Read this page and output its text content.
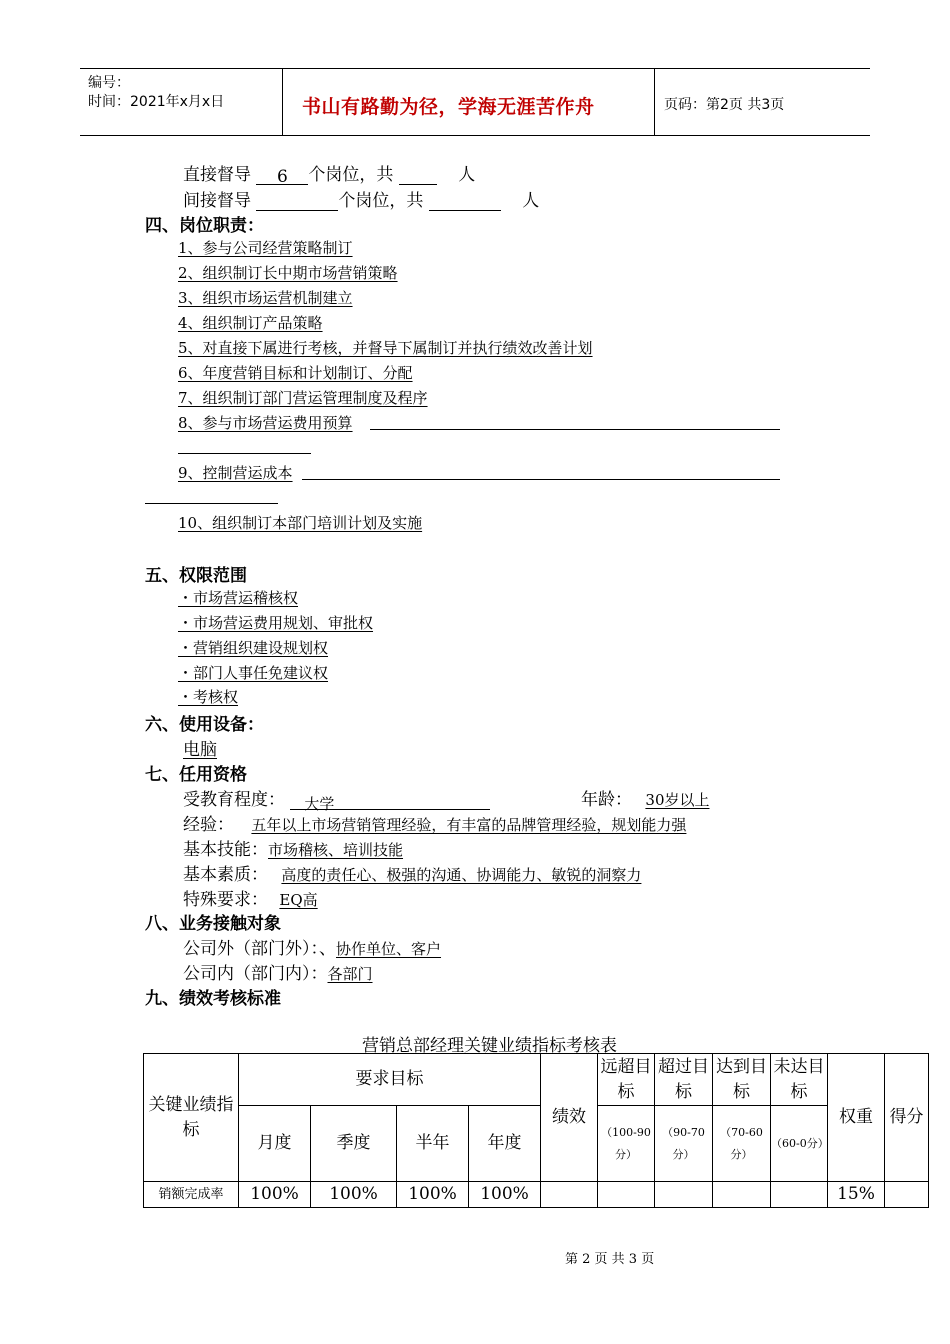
编号：
时间：2021年x月x日	书山有路勤为径，学海无涯苦作舟	页码：第2页 共3页
直接督导 6 个岗位，共	人
间接督导	个岗位，共	人
四、岗位职责：
1、参与公司经营策略制订
2、组织制订长中期市场营销策略
3、组织市场运营机制建立
4、组织制订产品策略
5、对直接下属进行考核，并督导下属制订并执行绩效改善计划
6、年度营销目标和计划制订、分配
7、组织制订部门营运管理制度及程序
8、参与市场营运费用预算
9、控制营运成本
10、组织制订本部门培训计划及实施
五、权限范围
・市场营运稽核权
・市场营运费用规划、审批权
・营销组织建设规划权
・部门人事任免建议权
・考核权
六、使用设备：
电脑
七、任用资格
受教育程度： 大学	年龄： 30岁以上
经验： 五年以上市场营销管理经验，有丰富的品牌管理经验，规划能力强
基本技能：市场稽核、培训技能
基本素质： 高度的责任心、极强的沟通、协调能力、敏锐的洞察力
特殊要求： EQ高
八、业务接触对象
公司外（部门外）：、协作单位、客户
公司内（部门内）：各部门
九、绩效考核标准
营销总部经理关键业绩指标考核表
关键业绩指标	要求目标				绩效	远超目标	超过目标	达到目标	未达目标	权重	得分
	月度	季度	半年	年度		（100-90分）	（90-70分）	（70-60分）	（60-0分）		
销额完成率	100%	100%	100%	100%						15%	
第 2 页 共 3 页
